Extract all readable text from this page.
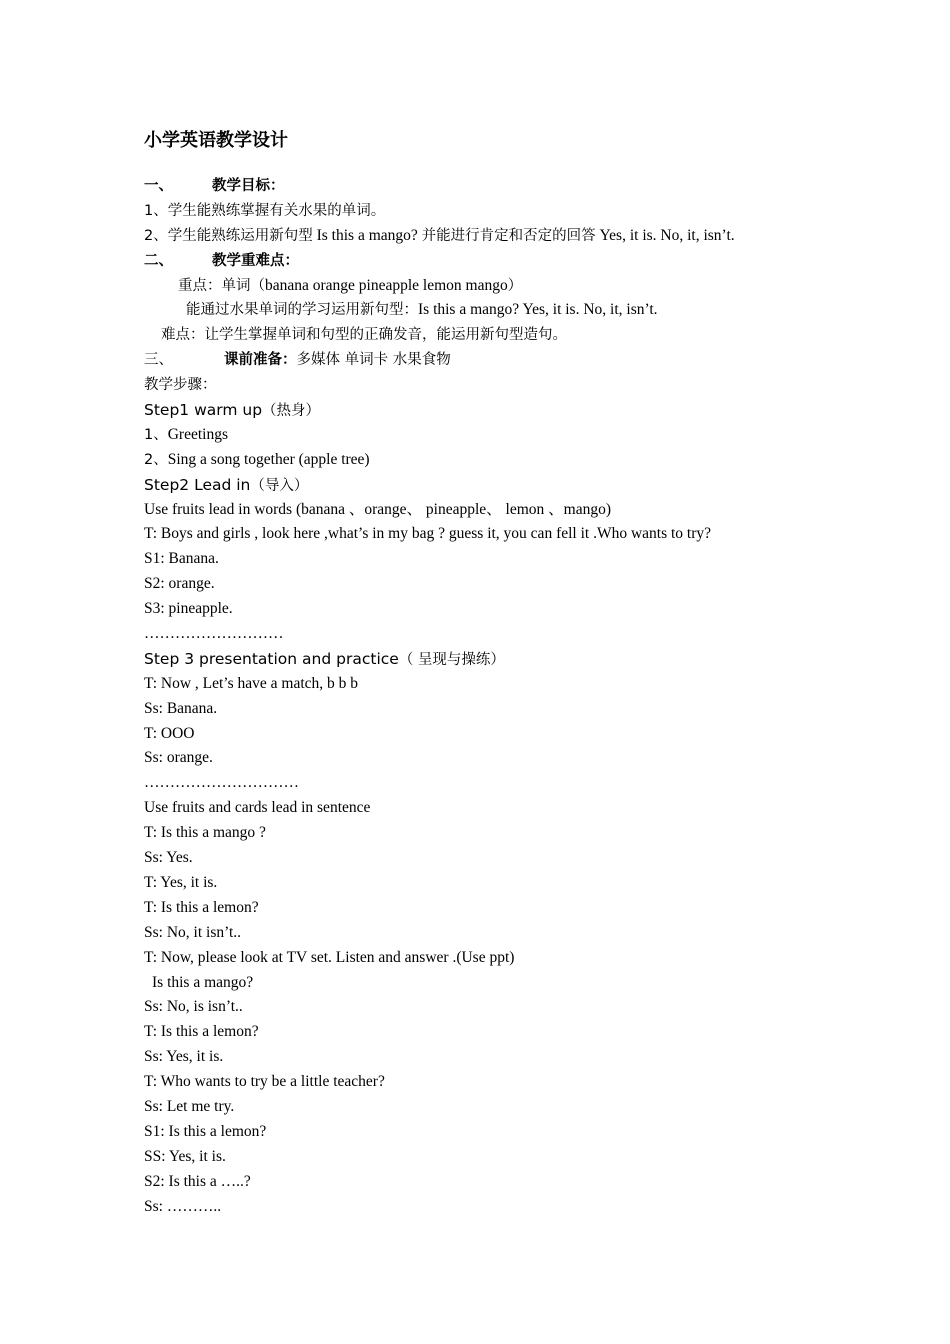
小学英语教学设计
一、	教学目标：
1、学生能熟练掌握有关水果的单词。
2、学生能熟练运用新句型 Is this a mango? 并能进行肯定和否定的回答 Yes, it is. No, it, isn’t.
二、	教学重难点：
重点：单词（banana orange pineapple lemon mango）
能通过水果单词的学习运用新句型：Is this a mango? Yes, it is. No, it, isn’t.
难点：让学生掌握单词和句型的正确发音，能运用新句型造句。
三、	课前准备：多媒体 单词卡 水果食物
教学步骤：
Step1 warm up（热身）
1、Greetings
2、Sing a song together (apple tree)
Step2 Lead in（导入）
Use fruits lead in words (banana 、orange、 pineapple、 lemon 、mango)
T: Boys and girls , look here ,what’s in my bag ? guess it, you can fell it .Who wants to try?
S1: Banana.
S2: orange.
S3: pineapple.
………………………
Step 3 presentation and practice（ 呈现与操练）
T: Now , Let’s have a match, b b b
Ss: Banana.
T: OOO
Ss: orange.
…………………………
Use fruits and cards lead in sentence
T: Is this a mango ?
Ss: Yes.
T: Yes, it is.
T: Is this a lemon?
Ss: No, it isn’t..
T: Now, please look at TV set. Listen and answer .(Use ppt)
Is this a mango?
Ss: No, is isn’t..
T: Is this a lemon?
Ss: Yes, it is.
T: Who wants to try be a little teacher?
Ss: Let me try.
S1: Is this a lemon?
SS: Yes, it is.
S2: Is this a …..?
Ss: ………..
